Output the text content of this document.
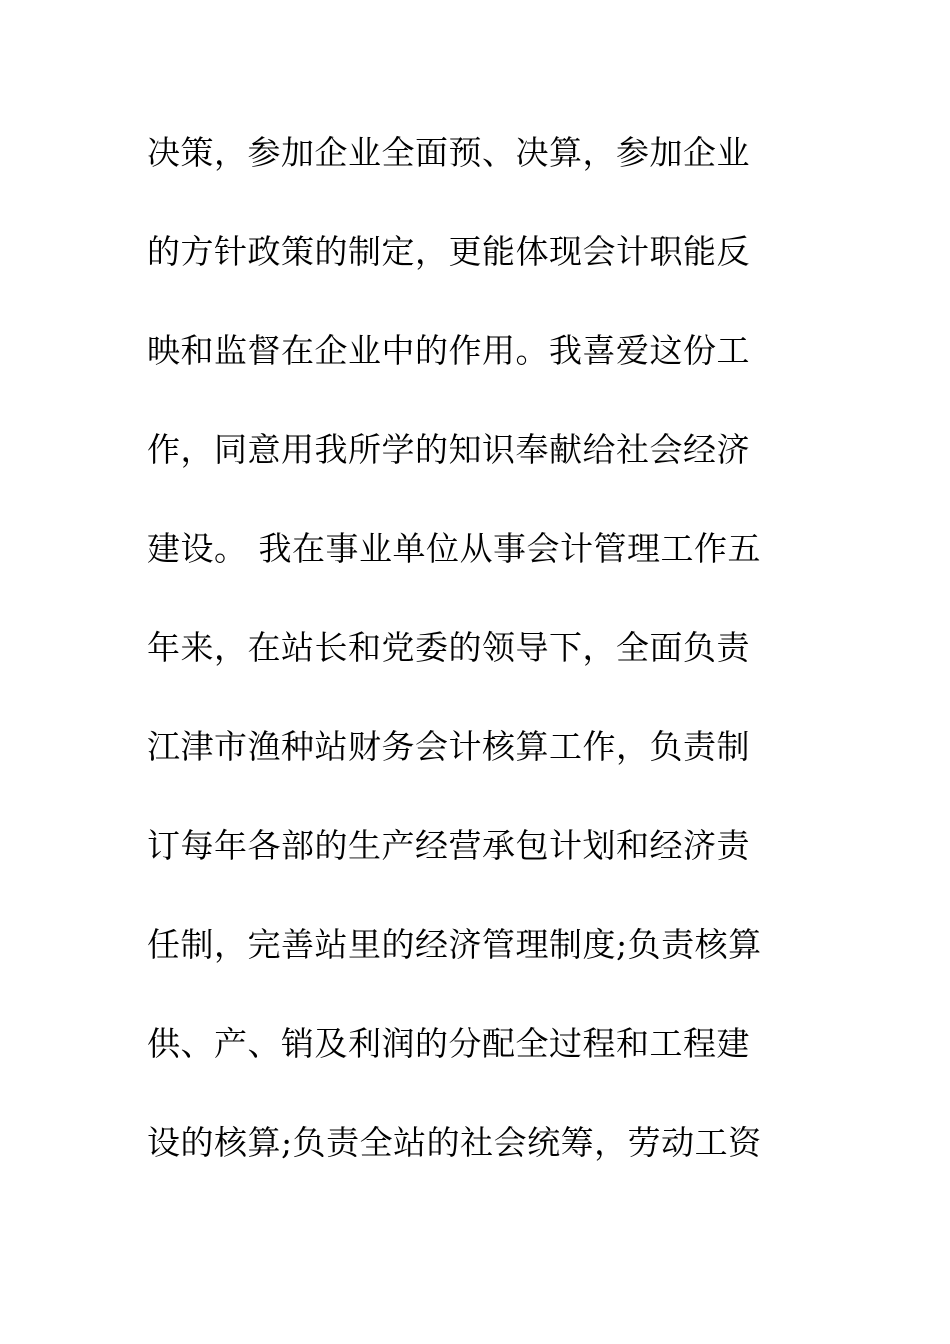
决策，参加企业全面预、决算，参加企业
的方针政策的制定，更能体现会计职能反
映和监督在企业中的作用。我喜爱这份工
作，同意用我所学的知识奉献给社会经济
建设。 我在事业单位从事会计管理工作五
年来，在站长和党委的领导下，全面负责
江津市渔种站财务会计核算工作，负责制
订每年各部的生产经营承包计划和经济责
任制，完善站里的经济管理制度;负责核算
供、产、销及利润的分配全过程和工程建
设的核算;负责全站的社会统筹，劳动工资
